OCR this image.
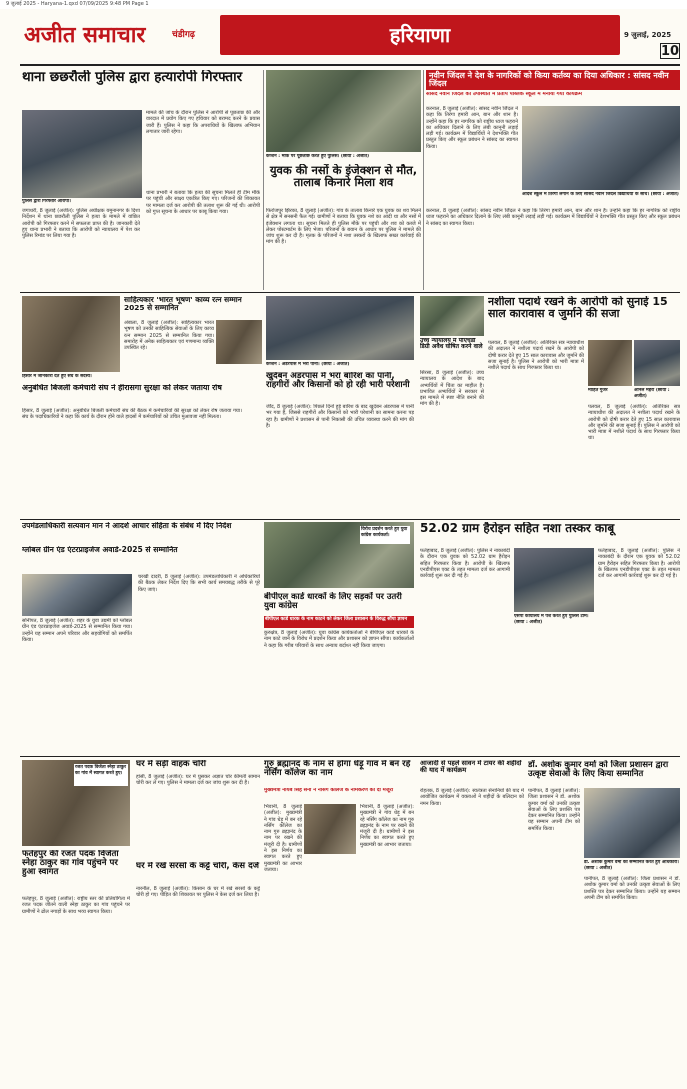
9 जुलाई 2025 - Haryana-1.qxd 07/09/2025 9:48 PM Page 1
अजीत समाचार	चंडीगढ़	हरियाणा	9 जुलाई, 2025
10
थाना छछरौली पुलिस द्वारा हत्यारोपी गिरफ्तार
पुलिस द्वारा गिरफ्तार आरोपी।
जगाधरी, 8 जुलाई (अजीत): पुलिस अधीक्षक यमुनानगर के दिशा निर्देशन में थाना छछरौली पुलिस ने हत्या के मामले में वांछित आरोपी को गिरफ्तार करने में सफलता प्राप्त की है। जानकारी देते हुए थाना प्रभारी ने बताया कि आरोपी को न्यायालय में पेश कर पुलिस रिमांड पर लिया गया है।
मामले की जांच के दौरान पुलिस ने आरोपी से पूछताछ की और वारदात में प्रयोग किए गए हथियार को बरामद करने के प्रयास जारी हैं। पुलिस ने कहा कि अपराधियों के खिलाफ अभियान लगातार जारी रहेगा।
थाना प्रभारी ने बताया कि हत्या की सूचना मिलते ही टीम मौके पर पहुंची और साक्ष्य एकत्रित किए गए। परिजनों की शिकायत पर मामला दर्ज कर आरोपी की तलाश शुरू की गई थी। आरोपी को गुप्त सूचना के आधार पर काबू किया गया।
कैप्शन : मौके पर पूछताछ करते हुए पुलिस। (छाया : अजीत)
युवक की नसों के इंजेक्शन से मौत, तालाब किनारे मिला शव
फिरोजपुर झिरका, 8 जुलाई (अजीत): गांव के तालाब किनारे एक युवक का शव मिलने से क्षेत्र में सनसनी फैल गई। ग्रामीणों ने बताया कि युवक नशे का आदी था और नसों में इंजेक्शन लगाता था। सूचना मिलते ही पुलिस मौके पर पहुंची और शव को कब्जे में लेकर पोस्टमार्टम के लिए भेजा। परिजनों के बयान के आधार पर पुलिस ने मामले की जांच शुरू कर दी है। मृतक के परिजनों ने नशा तस्करों के खिलाफ सख्त कार्रवाई की मांग की है।
नवीन जिंदल ने देश के नागरिकों को किया कर्तव्य का दिया अधिकार : सांसद नवीन जिंदल
सांसद नवीन जिंदल की उपस्थिति में प्रताप पब्लिक स्कूल में मनाया गया कार्यक्रम
करनाल, 8 जुलाई (अजीत): सांसद नवीन जिंदल ने कहा कि तिरंगा हमारी आन, बान और शान है। उन्होंने कहा कि हर नागरिक को राष्ट्रीय ध्वज फहराने का अधिकार दिलाने के लिए लंबी कानूनी लड़ाई लड़ी गई। कार्यक्रम में विद्यार्थियों ने देशभक्ति गीत प्रस्तुत किए और स्कूल प्रबंधन ने सांसद का स्वागत किया।
आदर्श स्कूल में तिरंगा लगाने के लिए सांसद नवीन जिंदल विद्यार्थियों के साथ। (छाया : अजीत)
करनाल, 8 जुलाई (अजीत): सांसद नवीन जिंदल ने कहा कि तिरंगा हमारी आन, बान और शान है। उन्होंने कहा कि हर नागरिक को राष्ट्रीय ध्वज फहराने का अधिकार दिलाने के लिए लंबी कानूनी लड़ाई लड़ी गई। कार्यक्रम में विद्यार्थियों ने देशभक्ति गीत प्रस्तुत किए और स्कूल प्रबंधन ने सांसद का स्वागत किया।
हिसार में जानकारी देते हुए संघ के सदस्य।
अनुबंधित बिजली कर्मचारी संघ ने हीरासगा सुरक्षा को लेकर जताया रोष
हिसार, 8 जुलाई (अजीत): अनुबंधित बिजली कर्मचारी संघ की बैठक में कर्मचारियों की सुरक्षा को लेकर रोष जताया गया। संघ के पदाधिकारियों ने कहा कि कार्य के दौरान होने वाले हादसों में कर्मचारियों को उचित मुआवजा नहीं मिलता।
साहित्यकार 'भारत भूषण' काव्य रत्न सम्मान 2025 से सम्मानित
अंबाला, 8 जुलाई (अजीत): साहित्यकार भारत भूषण को उनकी साहित्यिक सेवाओं के लिए काव्य रत्न सम्मान 2025 से सम्मानित किया गया। समारोह में अनेक साहित्यकार एवं गणमान्य व्यक्ति उपस्थित रहे।
कैप्शन : अंडरपास में भरा पानी। (छाया : अजीत)
खुर्दबन अंडरपास में भरा बारिश का पानी, राहगीरों और किसानों को हो रही भारी परेशानी
जींद, 8 जुलाई (अजीत): पिछले दिनों हुई बारिश के बाद खुर्दबन अंडरपास में पानी भर गया है, जिससे राहगीरों और किसानों को भारी परेशानी का सामना करना पड़ रहा है। ग्रामीणों ने प्रशासन से पानी निकासी की उचित व्यवस्था करने की मांग की है।
उच्च न्यायालय में पीएचडी डिग्री अवैध घोषित करने वाले
सिरसा, 8 जुलाई (अजीत): उच्च न्यायालय के आदेश के बाद अभ्यर्थियों में चिंता का माहौल है। प्रभावित अभ्यर्थियों ने सरकार से इस मामले में स्पष्ट नीति बनाने की मांग की है।
नशीला पदार्थ रखने के आरोपी को सुनाई 15 साल कारावास व जुर्माने की सजा
पलवल, 8 जुलाई (अजीत): अतिरिक्त सत्र न्यायाधीश की अदालत ने नशीला पदार्थ रखने के आरोपी को दोषी करार देते हुए 15 साल कारावास और जुर्माने की सजा सुनाई है। पुलिस ने आरोपी को भारी मात्रा में नशीले पदार्थ के साथ गिरफ्तार किया था।
मोहित गुर्जर	अनिल मेहरा (छाया : अजीत)
पलवल, 8 जुलाई (अजीत): अतिरिक्त सत्र न्यायाधीश की अदालत ने नशीला पदार्थ रखने के आरोपी को दोषी करार देते हुए 15 साल कारावास और जुर्माने की सजा सुनाई है। पुलिस ने आरोपी को भारी मात्रा में नशीले पदार्थ के साथ गिरफ्तार किया था।
उपमंडलाधिकारी सत्यवान मान ने आदर्श आचार संहिता के संबंध में दिए निर्देश
ग्लोबल ग्रीन एंड एंटरप्राइजेज अवार्ड-2025 से सम्मानित
सोनीपत, 8 जुलाई (अजीत): शहर के युवा उद्यमी को ग्लोबल ग्रीन एंड एंटरप्राइजेज अवार्ड-2025 से सम्मानित किया गया। उन्होंने यह सम्मान अपने परिवार और सहयोगियों को समर्पित किया।
चरखी दादरी, 8 जुलाई (अजीत): उपमंडलाधिकारी ने अधिकारियों की बैठक लेकर निर्देश दिए कि सभी कार्य समयबद्ध तरीके से पूरे किए जाएं।
विरोध प्रदर्शन करते हुए युवा कांग्रेस कार्यकर्ता।
बीपीएल कार्ड धारकों के लिए सड़कों पर उतरी युवा कांग्रेस
बीपीएल कार्ड धारक के नाम काटने को लेकर जिला प्रशासन के विरुद्ध सौंपा ज्ञापन
कुरुक्षेत्र, 8 जुलाई (अजीत): युवा कांग्रेस कार्यकर्ताओं ने बीपीएल कार्ड धारकों के नाम काटे जाने के विरोध में प्रदर्शन किया और प्रशासन को ज्ञापन सौंपा। कार्यकर्ताओं ने कहा कि गरीब परिवारों के साथ अन्याय बर्दाश्त नहीं किया जाएगा।
52.02 ग्राम हैरोइन सहित नशा तस्कर काबू
फतेहाबाद, 8 जुलाई (अजीत): पुलिस ने नाकाबंदी के दौरान एक युवक को 52.02 ग्राम हैरोइन सहित गिरफ्तार किया है। आरोपी के खिलाफ एनडीपीएस एक्ट के तहत मामला दर्ज कर आगामी कार्रवाई शुरू कर दी गई है।
एसपी कार्यालय में पेश करते हुए पुलिस टीम। (छाया : अजीत)
फतेहाबाद, 8 जुलाई (अजीत): पुलिस ने नाकाबंदी के दौरान एक युवक को 52.02 ग्राम हैरोइन सहित गिरफ्तार किया है। आरोपी के खिलाफ एनडीपीएस एक्ट के तहत मामला दर्ज कर आगामी कार्रवाई शुरू कर दी गई है।
रजत पदक विजेता स्नेहा ठाकुर का गांव में स्वागत करते हुए।
फतेहपुर की रजत पदक विजेता स्नेहा ठाकुर का गांव पहुंचने पर हुआ स्वागत
फतेहपुर, 8 जुलाई (अजीत): राष्ट्रीय स्तर की प्रतियोगिता में रजत पदक जीतने वाली स्नेहा ठाकुर का गांव पहुंचने पर ग्रामीणों ने ढोल नगाड़ों के साथ भव्य स्वागत किया।
घर में सड़ी वाहक चोरी
हांसी, 8 जुलाई (अजीत): घर में घुसकर अज्ञात चोर कीमती सामान चोरी कर ले गए। पुलिस ने मामला दर्ज कर जांच शुरू कर दी है।
घर में रखे सरसों के कट्टे चोरी, केस दर्ज
नारनौल, 8 जुलाई (अजीत): किसान के घर में रखे सरसों के कट्टे चोरी हो गए। पीड़ित की शिकायत पर पुलिस ने केस दर्ज कर लिया है।
गुरु ब्रह्मानंद के नाम से होगा धेड़ू गांव में बन रहे नर्सिंग कॉलेज का नाम
मुख्यमंत्री नायब सिंह सैनी ने नर्सिंग कॉलेज के नामकरण को दी मंजूरी
भिवानी, 8 जुलाई (अजीत): मुख्यमंत्री ने गांव धेड़ू में बन रहे नर्सिंग कॉलेज का नाम गुरु ब्रह्मानंद के नाम पर रखने की मंजूरी दी है। ग्रामीणों ने इस निर्णय का स्वागत करते हुए मुख्यमंत्री का आभार जताया।
भिवानी, 8 जुलाई (अजीत): मुख्यमंत्री ने गांव धेड़ू में बन रहे नर्सिंग कॉलेज का नाम गुरु ब्रह्मानंद के नाम पर रखने की मंजूरी दी है। ग्रामीणों ने इस निर्णय का स्वागत करते हुए मुख्यमंत्री का आभार जताया।
आजादी से पहले सावन में टायर की शहीदों की याद में कार्यक्रम
रोहतक, 8 जुलाई (अजीत): स्वतंत्रता सेनानियों की याद में आयोजित कार्यक्रम में वक्ताओं ने शहीदों के बलिदान को नमन किया।
डॉ. अशोक कुमार वर्मा को जिला प्रशासन द्वारा उत्कृष्ट सेवाओं के लिए किया सम्मानित
पानीपत, 8 जुलाई (अजीत): जिला प्रशासन ने डॉ. अशोक कुमार वर्मा को उनकी उत्कृष्ट सेवाओं के लिए प्रशस्ति पत्र देकर सम्मानित किया। उन्होंने यह सम्मान अपनी टीम को समर्पित किया।
डॉ. अशोक कुमार वर्मा को सम्मानित करते हुए अधिकारी। (छाया : अजीत)
पानीपत, 8 जुलाई (अजीत): जिला प्रशासन ने डॉ. अशोक कुमार वर्मा को उनकी उत्कृष्ट सेवाओं के लिए प्रशस्ति पत्र देकर सम्मानित किया। उन्होंने यह सम्मान अपनी टीम को समर्पित किया।
